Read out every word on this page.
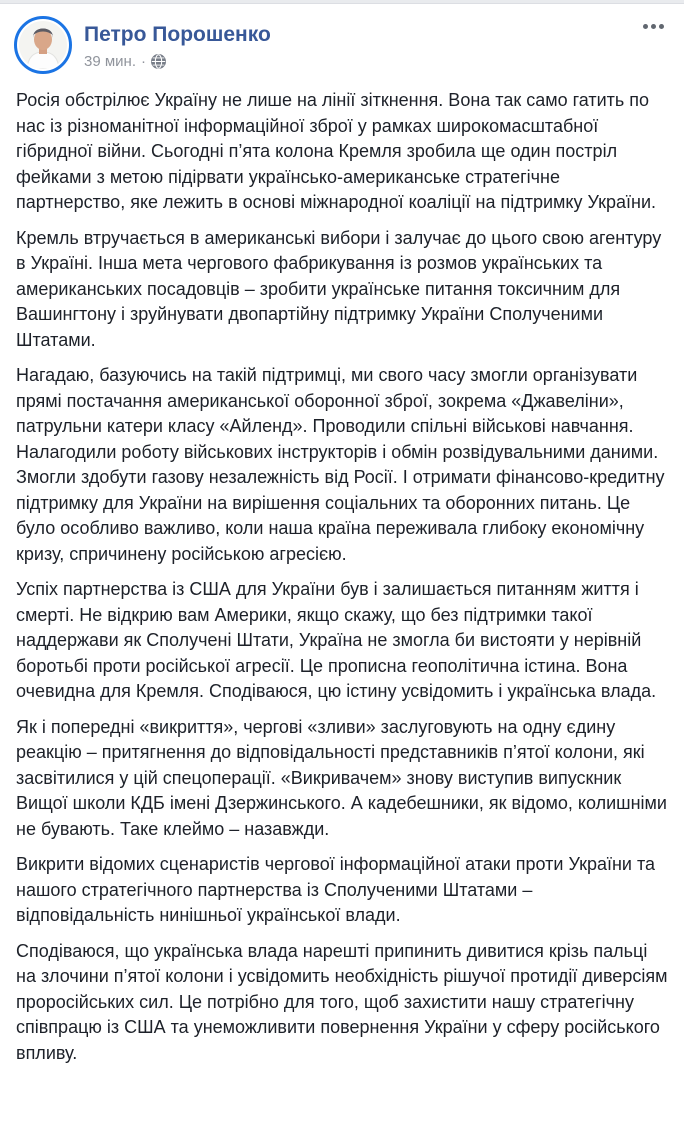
Петро Порошенко
39 мин. ·

Росія обстрілює Україну не лише на лінії зіткнення. Вона так само гатить по нас із різноманітної інформаційної зброї у рамках широкомасштабної гібридної війни. Сьогодні п’ята колона Кремля зробила ще один постріл фейками з метою підірвати українсько-американське стратегічне партнерство, яке лежить в основі міжнародної коаліції на підтримку України.

Кремль втручається в американські вибори і залучає до цього свою агентуру в Україні. Інша мета чергового фабрикування із розмов українських та американських посадовців – зробити українське питання токсичним для Вашингтону і зруйнувати двопартійну підтримку України Сполученими Штатами.

Нагадаю, базуючись на такій підтримці, ми свого часу змогли організувати прямі постачання американської оборонної зброї, зокрема «Джавеліни», патрульни катери класу «Айленд». Проводили спільні військові навчання. Налагодили роботу військових інструкторів і обмін розвідувальними даними. Змогли здобути газову незалежність від Росії. І отримати фінансово-кредитну підтримку для України на вирішення соціальних та оборонних питань. Це було особливо важливо, коли наша країна переживала глибоку економічну кризу, спричинену російською агресією.

Успіх партнерства із США для України був і залишається питанням життя і смерті. Не відкрию вам Америки, якщо скажу, що без підтримки такої наддержави як Сполучені Штати, Україна не змогла би вистояти у нерівній боротьбі проти російської агресії. Це прописна геополітична істина. Вона очевидна для Кремля. Сподіваюся, цю істину усвідомить і українська влада.

Як і попередні «викриття», чергові «зливи» заслуговують на одну єдину реакцію – притягнення до відповідальності представників п’ятої колони, які засвітилися у цій спецоперації. «Викривачем» знову виступив випускник Вищої школи КДБ імені Дзержинського. А кадебешники, як відомо, колишніми не бувають. Таке клеймо – назавжди.

Викрити відомих сценаристів чергової інформаційної атаки проти України та нашого стратегічного партнерства із Сполученими Штатами – відповідальність нинішньої української влади.

Сподіваюся, що українська влада нарешті припинить дивитися крізь пальці на злочини п’ятої колони і усвідомить необхідність рішучої протидії диверсіям проросійських сил. Це потрібно для того, щоб захистити нашу стратегічну співпрацю із США та унеможливити повернення України у сферу російського впливу.
